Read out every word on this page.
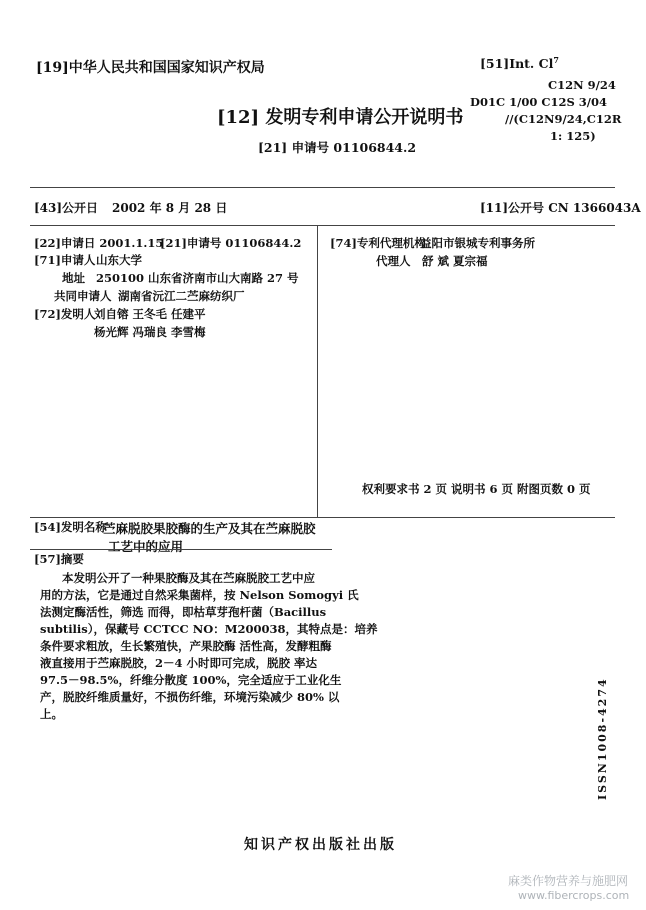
[19]中华人民共和国国家知识产权局
[12] 发明专利申请公开说明书
[21] 申请号 01106844.2
[51]Int. Cl$^7$
C12N 9/24
D01C 1/00 C12S 3/04
//(C12N9/24,C12R
1: 125)
[43]公开日 2002 年 8 月 28 日	[11]公开号 CN 1366043A
[22]申请日 2001.1.15
[21]申请号 01106844.2
[71]申请人 山东大学
地址 250100 山东省济南市山大南路 27 号
共同申请人 湖南省沅江二苎麻纺织厂
[72]发明人
刘自镕 王冬毛 任建平
杨光辉 冯瑞良 李雪梅
[74]专利代理机构
益阳市银城专利事务所
代理人 舒 斌 夏宗福
权利要求书 2 页 说明书 6 页 附图页数 0 页
[54]发明名称
苎麻脱胶果胶酶的生产及其在苎麻脱胶
工艺中的应用
[57]摘要
本发明公开了一种果胶酶及其在苎麻脱胶工艺中应
用的方法，它是通过自然采集菌样，按 Nelson Somogyi 氏
法测定酶活性，筛选 而得，即枯草芽孢杆菌（Bacillus
subtilis），保藏号 CCTCC NO：M200038，其特点是：培养
条件要求粗放，生长繁殖快，产果胶酶 活性高，发酵粗酶
液直接用于苎麻脱胶，2－4 小时即可完成，脱胶 率达
97.5－98.5%，纤维分散度 100%，完全适应于工业化生
产，脱胶纤维质量好，不损伤纤维，环境污染减少 80% 以
上。	ISSN1008-4274
知识产权出版社出版
麻类作物营养与施肥网
www.fibercrops.com
